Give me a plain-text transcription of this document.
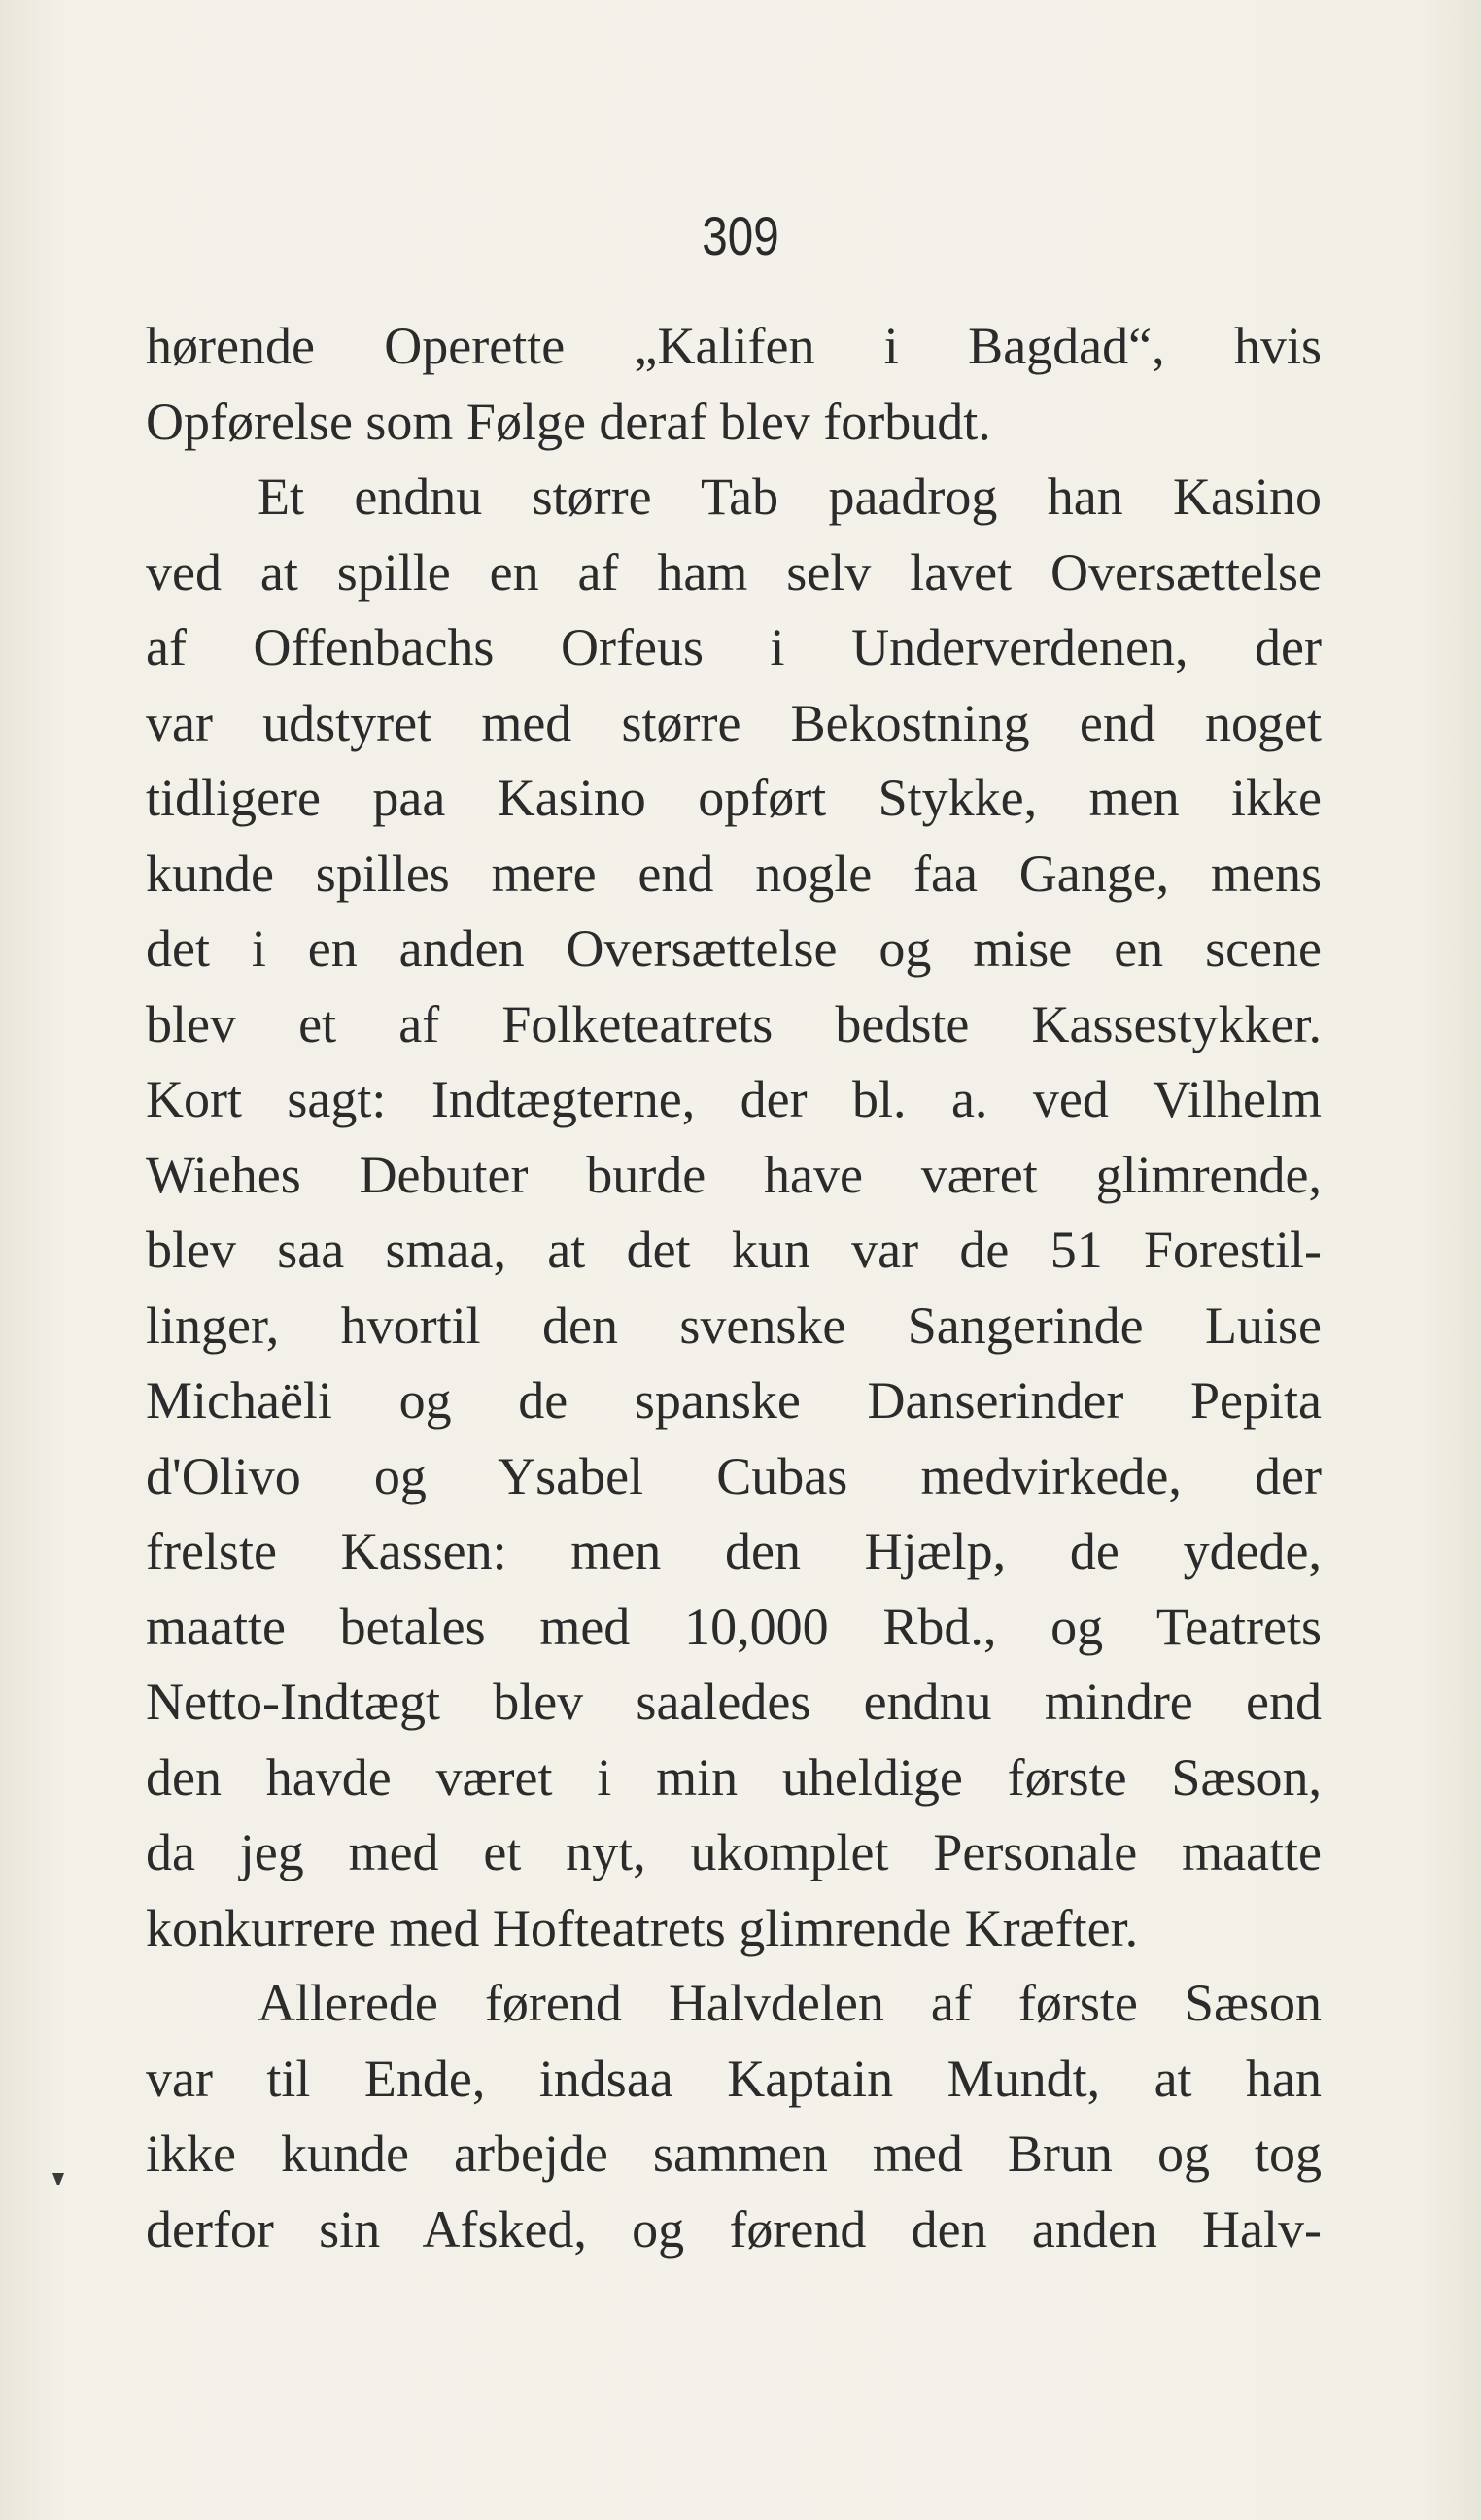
309
hørende Operette „Kalifen i Bagdad“, hvis
Opførelse som Følge deraf blev forbudt.
Et endnu større Tab paadrog han Kasino
ved at spille en af ham selv lavet Oversættelse
af Offenbachs Orfeus i Underverdenen, der
var udstyret med større Bekostning end noget
tidligere paa Kasino opført Stykke, men ikke
kunde spilles mere end nogle faa Gange, mens
det i en anden Oversættelse og mise en scene
blev et af Folketeatrets bedste Kassestykker.
Kort sagt: Indtægterne, der bl. a. ved Vilhelm
Wiehes Debuter burde have været glimrende,
blev saa smaa, at det kun var de 51 Forestil-
linger, hvortil den svenske Sangerinde Luise
Michaëli og de spanske Danserinder Pepita
d'Olivo og Ysabel Cubas medvirkede, der
frelste Kassen: men den Hjælp, de ydede,
maatte betales med 10,000 Rbd., og Teatrets
Netto-Indtægt blev saaledes endnu mindre end
den havde været i min uheldige første Sæson,
da jeg med et nyt, ukomplet Personale maatte
konkurrere med Hofteatrets glimrende Kræfter.
Allerede førend Halvdelen af første Sæson
var til Ende, indsaa Kaptain Mundt, at han
ikke kunde arbejde sammen med Brun og tog
derfor sin Afsked, og førend den anden Halv-
